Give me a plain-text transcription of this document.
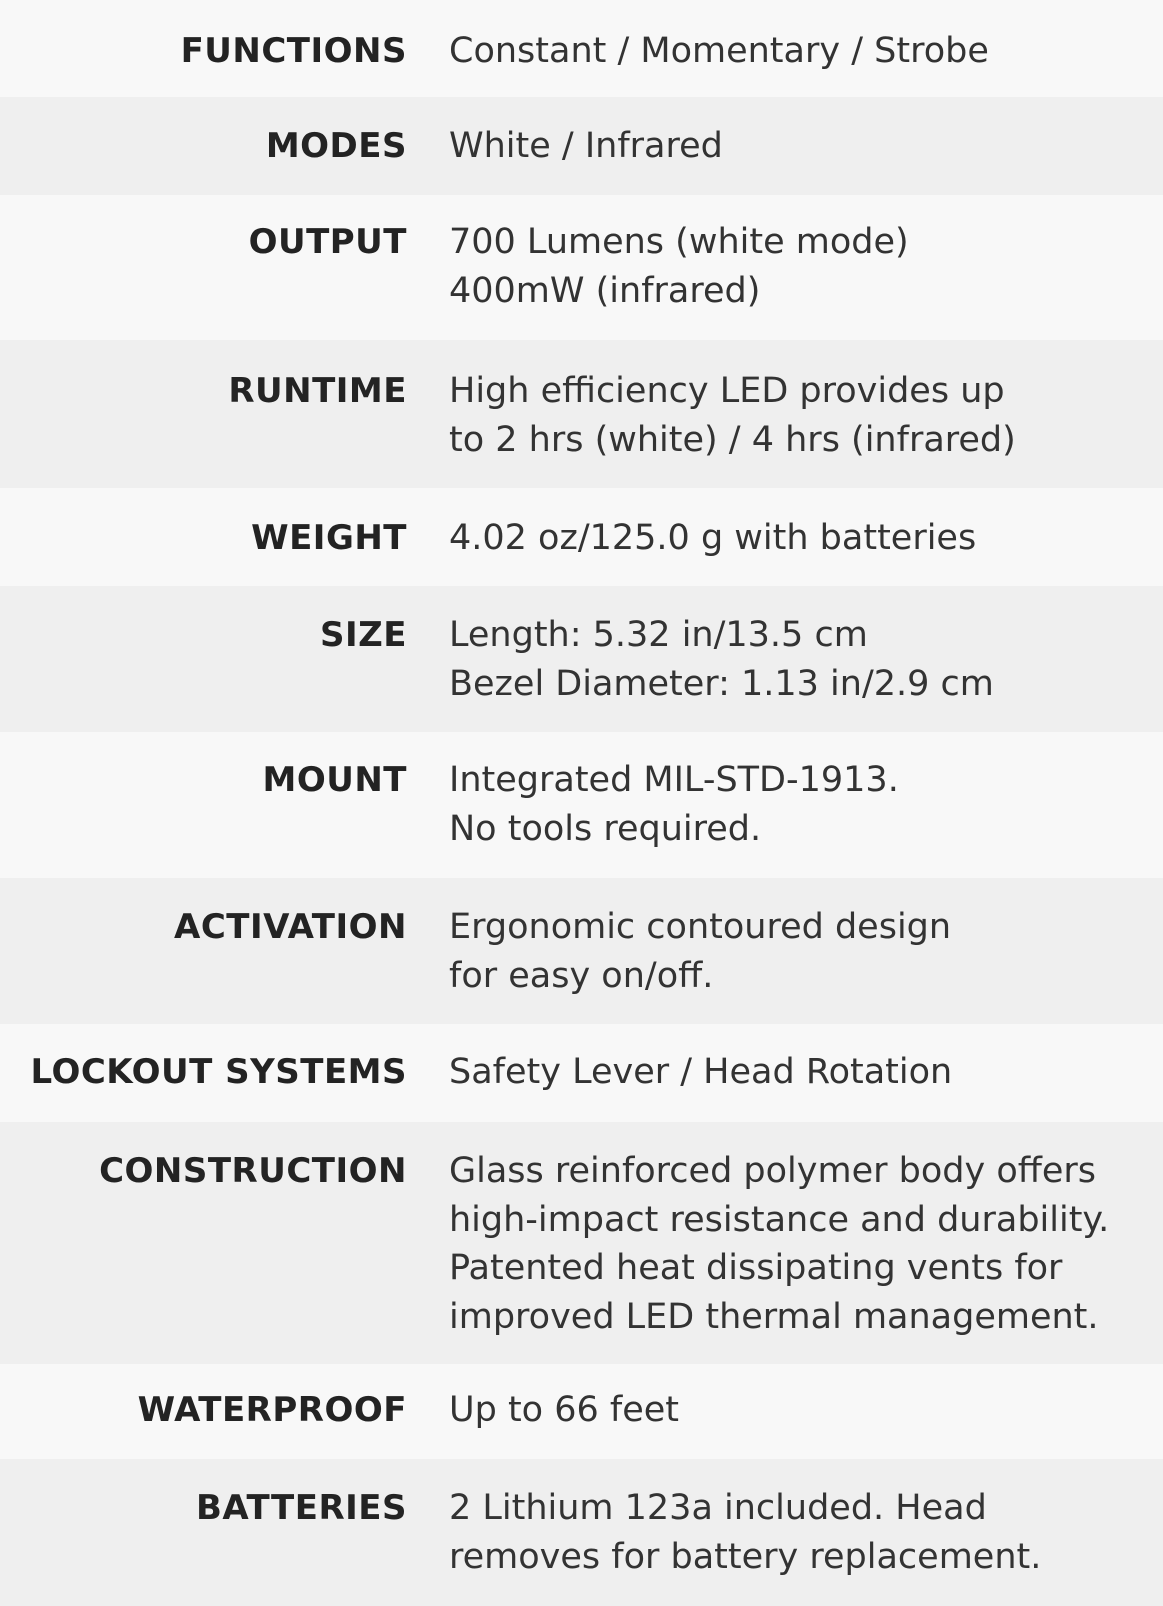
FUNCTIONS Constant / Momentary / Strobe
MODES White / Infrared
OUTPUT 700 Lumens (white mode)
400mW (infrared)
RUNTIME High efficiency LED provides up
to 2 hrs (white) / 4 hrs (infrared)
WEIGHT 4.02 oz/125.0 g with batteries
SIZE Length: 5.32 in/13.5 cm
Bezel Diameter: 1.13 in/2.9 cm
MOUNT Integrated MIL-STD-1913.
No tools required.
ACTIVATION Ergonomic contoured design
for easy on/off.
LOCKOUT SYSTEMS Safety Lever / Head Rotation
CONSTRUCTION Glass reinforced polymer body offers
high-impact resistance and durability.
Patented heat dissipating vents for
improved LED thermal management.
WATERPROOF Up to 66 feet
BATTERIES 2 Lithium 123a included. Head
removes for battery replacement.
